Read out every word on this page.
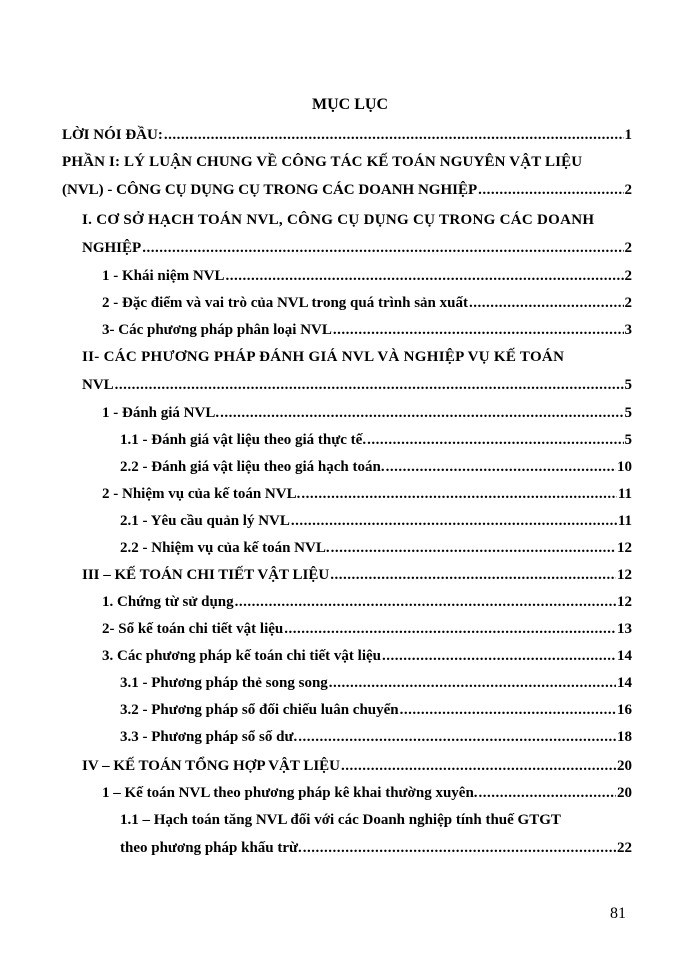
MỤC LỤC
LỜI NÓI ĐẦU: .....	1
PHẦN I: LÝ LUẬN CHUNG VỀ CÔNG TÁC KẾ TOÁN NGUYÊN VẬT LIỆU
(NVL) - CÔNG CỤ DỤNG CỤ TRONG CÁC DOANH NGHIỆP .....	2
I. CƠ SỞ HẠCH TOÁN NVL, CÔNG CỤ DỤNG CỤ TRONG CÁC DOANH
NGHIỆP .....	2
1 - Khái niệm NVL .....	2
2 - Đặc điểm và vai trò của NVL trong quá trình sản xuất .....	2
3- Các phương pháp phân loại NVL .....	3
II- CÁC PHƯƠNG PHÁP ĐÁNH GIÁ NVL VÀ NGHIỆP VỤ KẾ TOÁN
NVL .....	5
1 - Đánh giá NVL. .....	5
1.1 - Đánh giá vật liệu theo giá thực tế. .....	5
2.2 - Đánh giá vật liệu theo giá hạch toán. .....	10
2 - Nhiệm vụ của kế toán NVL. .....	11
2.1 - Yêu cầu quản lý NVL .....	11
2.2 - Nhiệm vụ của kế toán NVL. .....	12
III – KẾ TOÁN CHI TIẾT VẬT LIỆU .....	12
1. Chứng từ sử dụng .....	12
2- Sổ kế toán chi tiết vật liệu .....	13
3. Các phương pháp kế toán chi tiết vật liệu .....	14
3.1 - Phương pháp thẻ song song .....	14
3.2 - Phương pháp sổ đối chiếu luân chuyển .....	16
3.3 - Phương pháp sổ số dư. .....	18
IV – KẾ TOÁN TỔNG HỢP VẬT LIỆU .....	20
1 – Kế toán NVL theo phương pháp kê khai thường xuyên. .....	20
1.1 – Hạch toán tăng NVL đối với các Doanh nghiệp tính thuế GTGT
theo phương pháp khấu trừ. .....	22
81
